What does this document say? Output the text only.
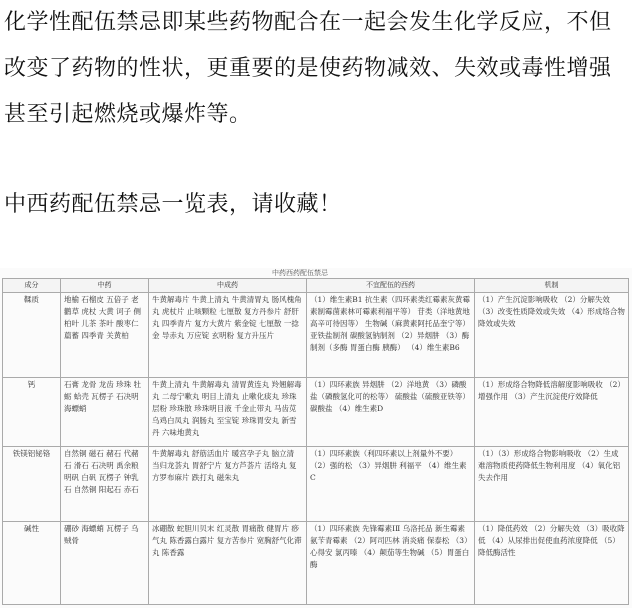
化学性配伍禁忌即某些药物配合在一起会发生化学反应，不但
改变了药物的性状，更重要的是使药物减效、失效或毒性增强
甚至引起燃烧或爆炸等。
中西药配伍禁忌一览表，请收藏！
中药西药配伍禁忌
成分	中药	中成药	不宜配伍的西药	机制
鞣质	地榆 石榴皮 五倍子 老鹳草 虎杖 大黄 诃子 侧柏叶 儿茶 茶叶 酸枣仁 萹蓄 四季青 关黄柏	牛黄解毒片 牛黄上清丸 牛黄清胃丸 肠风槐角丸 虎杖片 止咳颗粒 七厘散 复方丹参片 舒肝丸 四季青片 复方大黄片 紫金锭 七厘散 一捻金 导赤丸 万应锭 玄明粉 复方升压片	（1）维生素B1 抗生素（四环素类红霉素灰黄霉素制霉菌素林可霉素利福平等） 苷类（洋地黄地高辛可待因等） 生物碱（麻黄素阿托品奎宁等） 亚铁盐制剂 碳酸氢钠制剂 （2）异烟肼 （3）酶制剂（多酶 胃蛋白酶 胰酶） （4）维生素B6	（1）产生沉淀影响吸收 （2）分解失效 （3）改变性质降效或失效 （4）形成络合物降效或失效
钙	石膏 龙骨 龙齿 珍珠 牡蛎 蛤壳 瓦楞子 石决明 海螵蛸	牛黄上清丸 牛黄解毒丸 清胃黄连丸 羚翘解毒丸 二母宁嗽丸 明目上清丸 止嗽化痰丸 珍珠层粉 珍珠散 珍珠明目液 千金止带丸 马齿苋 乌鸡白凤丸 润肠丸 至宝锭 珍珠胃安丸 新雪丹 六味地黄丸	（1）四环素族 异烟肼 （2）洋地黄 （3）磷酸盐（磷酸氢化可的松等） 硫酸盐（硫酸亚铁等） 碳酸盐 （4）维生素D	（1）形成络合物降低溶解度影响吸收 （2）增强作用 （3）产生沉淀使疗效降低
铁镁铝铋铬	自然铜 磁石 赭石 代赭石 滑石 石决明 禹余粮 明矾 白矾 瓦楞子 钟乳石 自然铜 阳起石 赤石	牛黄解毒丸 舒筋活血片 暖宫孕子丸 脑立清 当归龙荟丸 胃舒宁片 复方芦荟片 活络丸 复方罗布麻片 跌打丸 磁朱丸	（1）四环素族（利四环素以上剂量外不要） （2）强的松 （3）异烟肼 利福平 （4）维生素C	（1）（3）形成络合物影响吸收 （2）生成难溶物质使药降低生物利用度 （4）氧化铝失去作用
碱性	硼砂 海螵蛸 瓦楞子 乌贼骨	冰硼散 蛇胆川贝末 红灵散 胃痛散 健胃片 痧气丸 陈香露白露片 复方苦参片 宽胸舒气化滞丸 陈香露	（1）四环素族 先锋霉素ⅠⅡ 乌洛托品 新生霉素 氨苄青霉素 （2）阿司匹林 消炎痛 保泰松 （3）心得安 氯丙嗪 （4）颠茄等生物碱 （5）胃蛋白酶	（1）降低药效 （2）分解失效 （3）吸收降低 （4）从尿排出促使血药浓度降低 （5）降低酶活性
